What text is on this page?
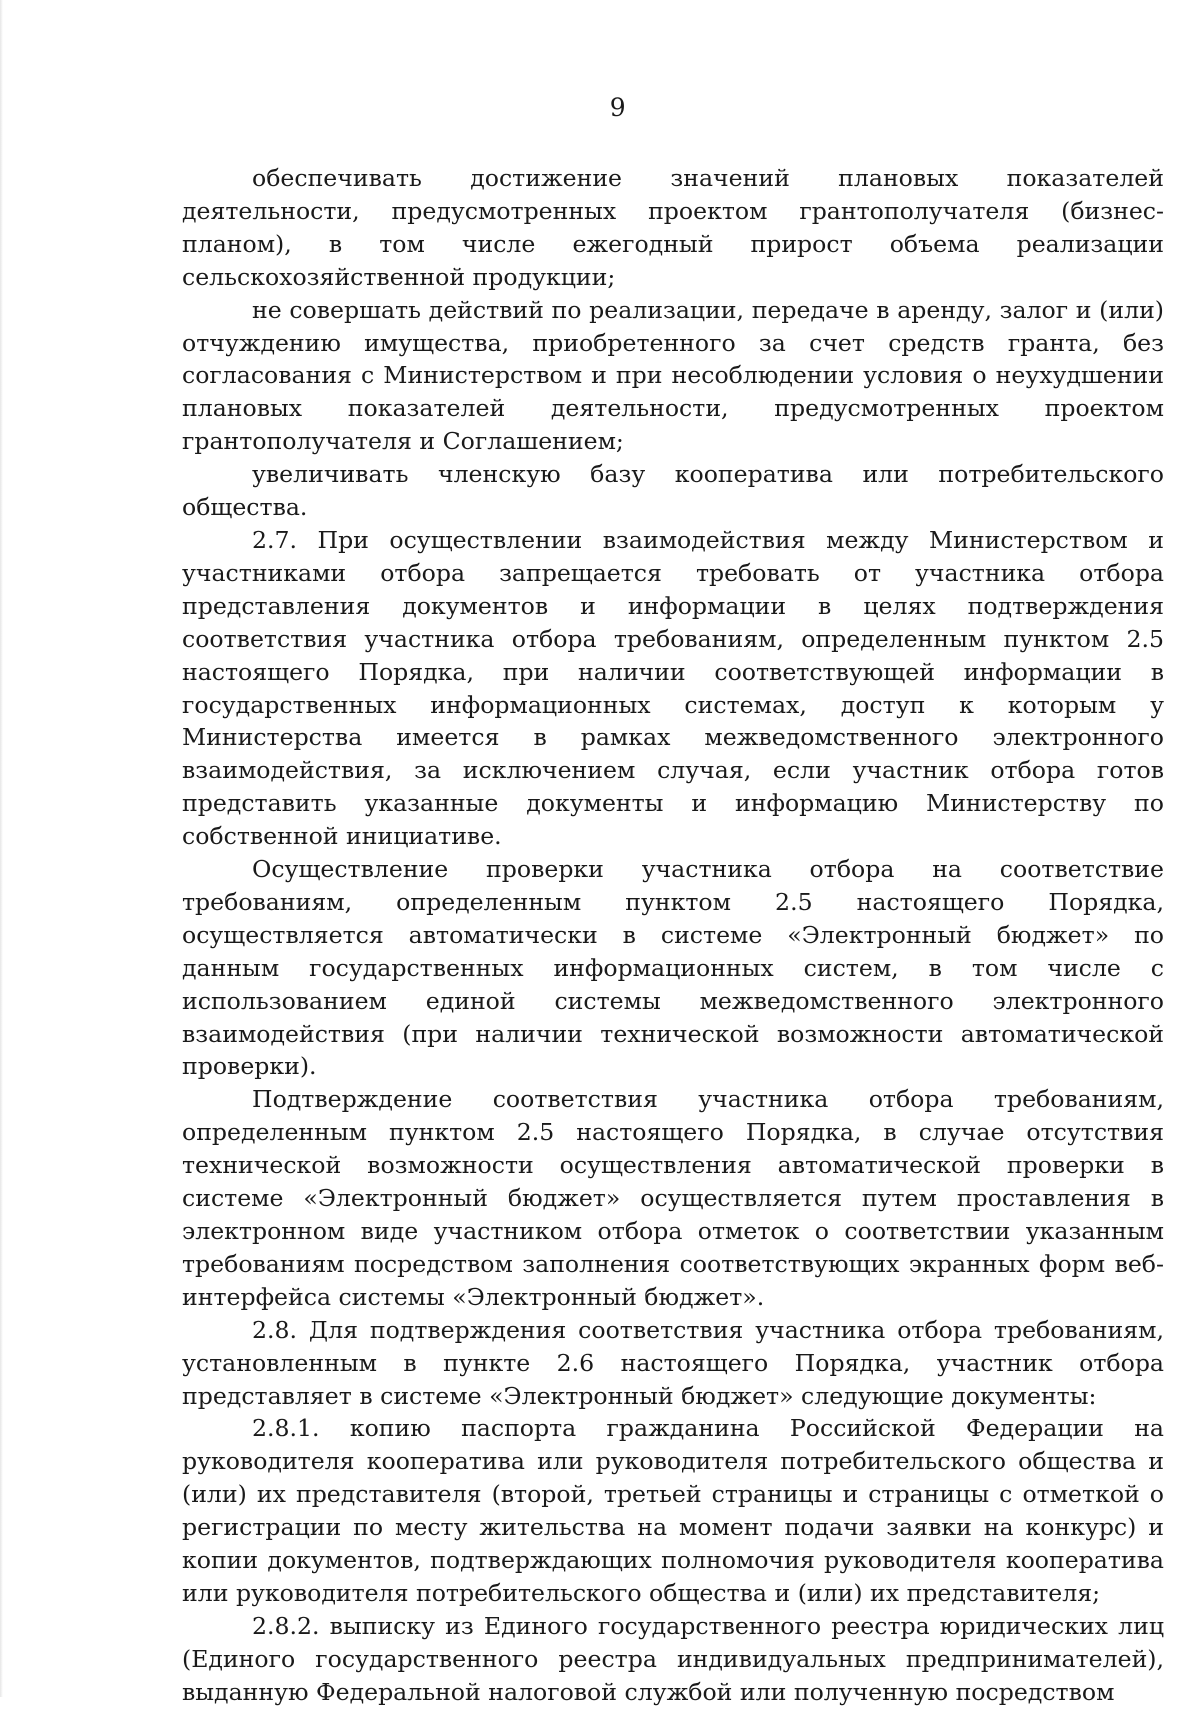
9

обеспечивать достижение значений плановых показателей деятельности, предусмотренных проектом грантополучателя (бизнес-планом), в том числе ежегодный прирост объема реализации сельскохозяйственной продукции;

не совершать действий по реализации, передаче в аренду, залог и (или) отчуждению имущества, приобретенного за счет средств гранта, без согласования с Министерством и при несоблюдении условия о неухудшении плановых показателей деятельности, предусмотренных проектом грантополучателя и Соглашением;

увеличивать членскую базу кооператива или потребительского общества.

2.7. При осуществлении взаимодействия между Министерством и участниками отбора запрещается требовать от участника отбора представления документов и информации в целях подтверждения соответствия участника отбора требованиям, определенным пунктом 2.5 настоящего Порядка, при наличии соответствующей информации в государственных информационных системах, доступ к которым у Министерства имеется в рамках межведомственного электронного взаимодействия, за исключением случая, если участник отбора готов представить указанные документы и информацию Министерству по собственной инициативе.

Осуществление проверки участника отбора на соответствие требованиям, определенным пунктом 2.5 настоящего Порядка, осуществляется автоматически в системе «Электронный бюджет» по данным государственных информационных систем, в том числе с использованием единой системы межведомственного электронного взаимодействия (при наличии технической возможности автоматической проверки).

Подтверждение соответствия участника отбора требованиям, определенным пунктом 2.5 настоящего Порядка, в случае отсутствия технической возможности осуществления автоматической проверки в системе «Электронный бюджет» осуществляется путем проставления в электронном виде участником отбора отметок о соответствии указанным требованиям посредством заполнения соответствующих экранных форм веб-интерфейса системы «Электронный бюджет».

2.8. Для подтверждения соответствия участника отбора требованиям, установленным в пункте 2.6 настоящего Порядка, участник отбора представляет в системе «Электронный бюджет» следующие документы:

2.8.1. копию паспорта гражданина Российской Федерации на руководителя кооператива или руководителя потребительского общества и (или) их представителя (второй, третьей страницы и страницы с отметкой о регистрации по месту жительства на момент подачи заявки на конкурс) и копии документов, подтверждающих полномочия руководителя кооператива или руководителя потребительского общества и (или) их представителя;

2.8.2. выписку из Единого государственного реестра юридических лиц (Единого государственного реестра индивидуальных предпринимателей), выданную Федеральной налоговой службой или полученную посредством
